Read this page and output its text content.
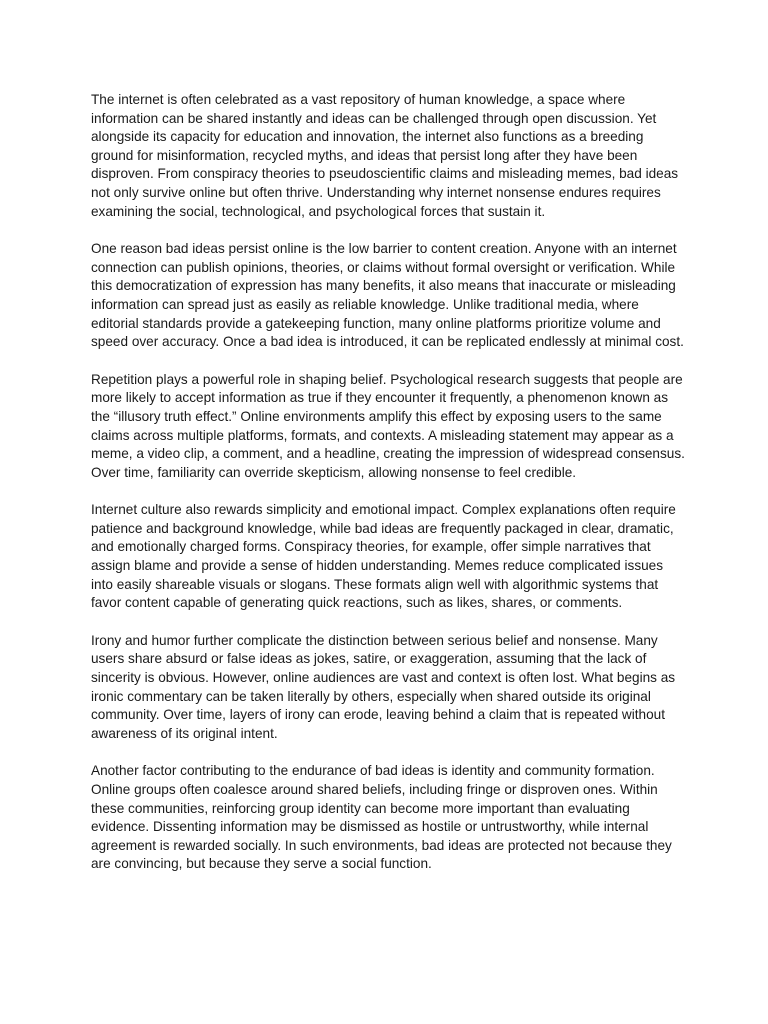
The internet is often celebrated as a vast repository of human knowledge, a space where information can be shared instantly and ideas can be challenged through open discussion. Yet alongside its capacity for education and innovation, the internet also functions as a breeding ground for misinformation, recycled myths, and ideas that persist long after they have been disproven. From conspiracy theories to pseudoscientific claims and misleading memes, bad ideas not only survive online but often thrive. Understanding why internet nonsense endures requires examining the social, technological, and psychological forces that sustain it.

One reason bad ideas persist online is the low barrier to content creation. Anyone with an internet connection can publish opinions, theories, or claims without formal oversight or verification. While this democratization of expression has many benefits, it also means that inaccurate or misleading information can spread just as easily as reliable knowledge. Unlike traditional media, where editorial standards provide a gatekeeping function, many online platforms prioritize volume and speed over accuracy. Once a bad idea is introduced, it can be replicated endlessly at minimal cost.

Repetition plays a powerful role in shaping belief. Psychological research suggests that people are more likely to accept information as true if they encounter it frequently, a phenomenon known as the “illusory truth effect.” Online environments amplify this effect by exposing users to the same claims across multiple platforms, formats, and contexts. A misleading statement may appear as a meme, a video clip, a comment, and a headline, creating the impression of widespread consensus. Over time, familiarity can override skepticism, allowing nonsense to feel credible.

Internet culture also rewards simplicity and emotional impact. Complex explanations often require patience and background knowledge, while bad ideas are frequently packaged in clear, dramatic, and emotionally charged forms. Conspiracy theories, for example, offer simple narratives that assign blame and provide a sense of hidden understanding. Memes reduce complicated issues into easily shareable visuals or slogans. These formats align well with algorithmic systems that favor content capable of generating quick reactions, such as likes, shares, or comments.

Irony and humor further complicate the distinction between serious belief and nonsense. Many users share absurd or false ideas as jokes, satire, or exaggeration, assuming that the lack of sincerity is obvious. However, online audiences are vast and context is often lost. What begins as ironic commentary can be taken literally by others, especially when shared outside its original community. Over time, layers of irony can erode, leaving behind a claim that is repeated without awareness of its original intent.

Another factor contributing to the endurance of bad ideas is identity and community formation. Online groups often coalesce around shared beliefs, including fringe or disproven ones. Within these communities, reinforcing group identity can become more important than evaluating evidence. Dissenting information may be dismissed as hostile or untrustworthy, while internal agreement is rewarded socially. In such environments, bad ideas are protected not because they are convincing, but because they serve a social function.
